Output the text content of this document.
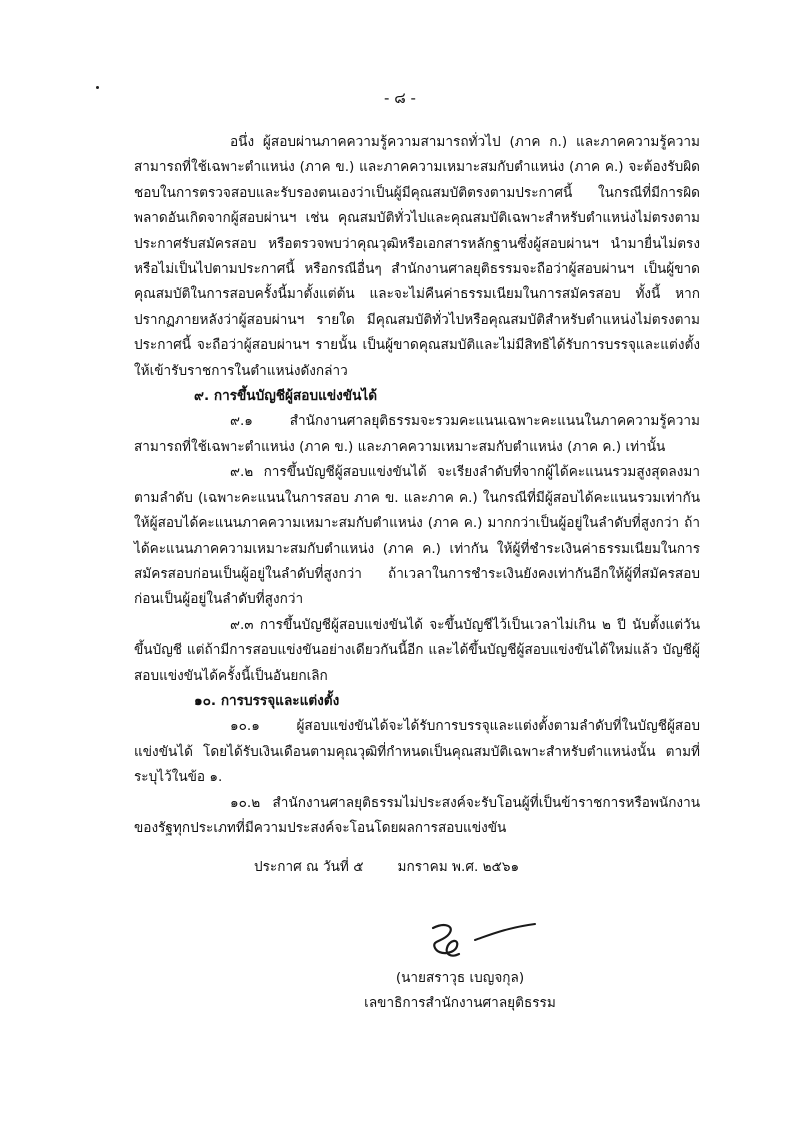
- ๘ -

อนึ่ง ผู้สอบผ่านภาคความรู้ความสามารถทั่วไป (ภาค ก.) และภาคความรู้ความสามารถที่ใช้เฉพาะตำแหน่ง (ภาค ข.) และภาคความเหมาะสมกับตำแหน่ง (ภาค ค.) จะต้องรับผิดชอบในการตรวจสอบและรับรองตนเองว่าเป็นผู้มีคุณสมบัติตรงตามประกาศนี้ ในกรณีที่มีการผิดพลาดอันเกิดจากผู้สอบผ่านฯ เช่น คุณสมบัติทั่วไปและคุณสมบัติเฉพาะสำหรับตำแหน่งไม่ตรงตามประกาศรับสมัครสอบ หรือตรวจพบว่าคุณวุฒิหรือเอกสารหลักฐานซึ่งผู้สอบผ่านฯ นำมายื่นไม่ตรง หรือไม่เป็นไปตามประกาศนี้ หรือกรณีอื่นๆ สำนักงานศาลยุติธรรมจะถือว่าผู้สอบผ่านฯ เป็นผู้ขาดคุณสมบัติในการสอบครั้งนี้มาตั้งแต่ต้น และจะไม่คืนค่าธรรมเนียมในการสมัครสอบ ทั้งนี้ หากปรากฏภายหลังว่าผู้สอบผ่านฯ รายใด มีคุณสมบัติทั่วไปหรือคุณสมบัติสำหรับตำแหน่งไม่ตรงตามประกาศนี้ จะถือว่าผู้สอบผ่านฯ รายนั้น เป็นผู้ขาดคุณสมบัติและไม่มีสิทธิได้รับการบรรจุและแต่งตั้งให้เข้ารับราชการในตำแหน่งดังกล่าว

๙. การขึ้นบัญชีผู้สอบแข่งขันได้

๙.๑ สำนักงานศาลยุติธรรมจะรวมคะแนนเฉพาะคะแนนในภาคความรู้ความสามารถที่ใช้เฉพาะตำแหน่ง (ภาค ข.) และภาคความเหมาะสมกับตำแหน่ง (ภาค ค.) เท่านั้น

๙.๒ การขึ้นบัญชีผู้สอบแข่งขันได้ จะเรียงลำดับที่จากผู้ได้คะแนนรวมสูงสุดลงมาตามลำดับ (เฉพาะคะแนนในการสอบ ภาค ข. และภาค ค.) ในกรณีที่มีผู้สอบได้คะแนนรวมเท่ากันให้ผู้สอบได้คะแนนภาคความเหมาะสมกับตำแหน่ง (ภาค ค.) มากกว่าเป็นผู้อยู่ในลำดับที่สูงกว่า ถ้าได้คะแนนภาคความเหมาะสมกับตำแหน่ง (ภาค ค.) เท่ากัน ให้ผู้ที่ชำระเงินค่าธรรมเนียมในการสมัครสอบก่อนเป็นผู้อยู่ในลำดับที่สูงกว่า ถ้าเวลาในการชำระเงินยังคงเท่ากันอีกให้ผู้ที่สมัครสอบก่อนเป็นผู้อยู่ในลำดับที่สูงกว่า

๙.๓ การขึ้นบัญชีผู้สอบแข่งขันได้ จะขึ้นบัญชีไว้เป็นเวลาไม่เกิน ๒ ปี นับตั้งแต่วันขึ้นบัญชี แต่ถ้ามีการสอบแข่งขันอย่างเดียวกันนี้อีก และได้ขึ้นบัญชีผู้สอบแข่งขันได้ใหม่แล้ว บัญชีผู้สอบแข่งขันได้ครั้งนี้เป็นอันยกเลิก

๑๐. การบรรจุและแต่งตั้ง

๑๐.๑ ผู้สอบแข่งขันได้จะได้รับการบรรจุและแต่งตั้งตามลำดับที่ในบัญชีผู้สอบแข่งขันได้ โดยได้รับเงินเดือนตามคุณวุฒิที่กำหนดเป็นคุณสมบัติเฉพาะสำหรับตำแหน่งนั้น ตามที่ระบุไว้ในข้อ ๑.

๑๐.๒ สำนักงานศาลยุติธรรมไม่ประสงค์จะรับโอนผู้ที่เป็นข้าราชการหรือพนักงานของรัฐทุกประเภทที่มีความประสงค์จะโอนโดยผลการสอบแข่งขัน

ประกาศ ณ วันที่ ๕	มกราคม พ.ศ. ๒๕๖๑

(นายสราวุธ เบญจกุล)
เลขาธิการสำนักงานศาลยุติธรรม
